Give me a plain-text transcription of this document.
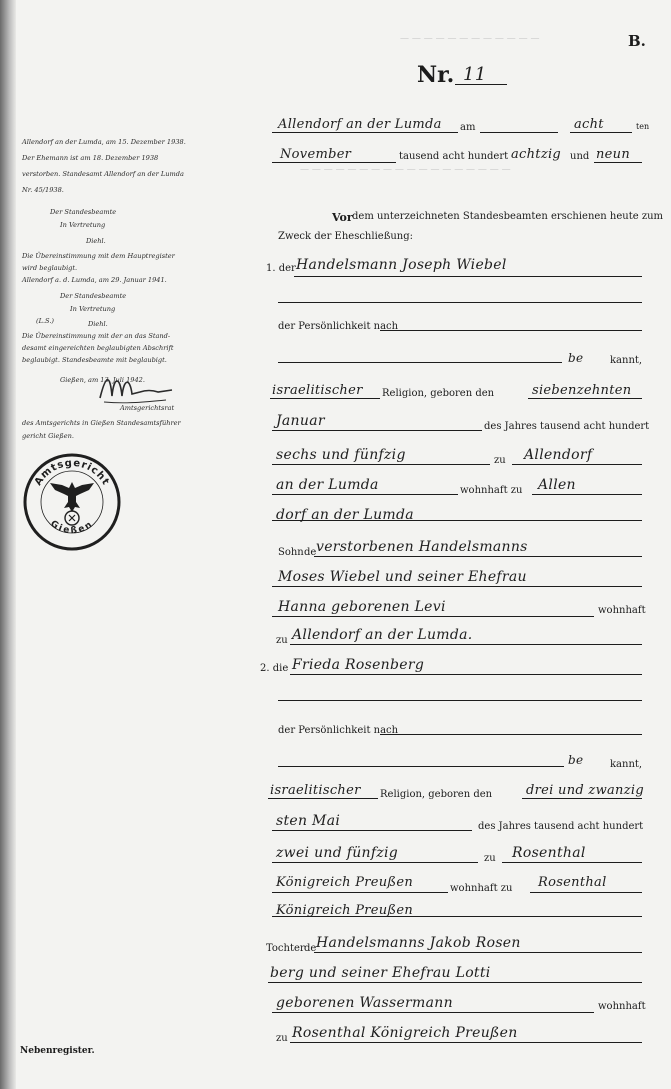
— — — — — — — — — — — —
— — — — — — — — — — — — — — — — — —
B.
Nr. 11
Allendorf an der Lumda am	acht	ten
November	tausend acht hundert achtzig und neun
Vor dem unterzeichneten Standesbeamten erschienen heute zum
Zweck der Eheschließung:
1. der Handelsmann Joseph Wiebel
der Persönlichkeit nach
be	kannt,
israelitischer Religion, geboren den	siebenzehnten
Januar	des Jahres tausend acht hundert
sechs und fünfzig	zu Allendorf
an der Lumda	wohnhaft zu Allen
dorf an der Lumda
Sohn de verstorbenen Handelsmanns
Moses Wiebel und seiner Ehefrau
Hanna geborenen Levi	wohnhaft
zu Allendorf an der Lumda.
2. die Frieda Rosenberg
der Persönlichkeit nach
be	kannt,
israelitischer Religion, geboren den	drei und zwanzig
sten Mai	des Jahres tausend acht hundert
zwei und fünfzig	zu Rosenthal
Königreich Preußen	wohnhaft zu Rosenthal
Königreich Preußen
Tochter de Handelsmanns Jakob Rosen
berg und seiner Ehefrau Lotti
geborenen Wassermann	wohnhaft
zu Rosenthal Königreich Preußen
Allendorf an der Lumda, am 15. Dezember 1938.
Der Ehemann ist am 18. Dezember 1938
verstorben. Standesamt Allendorf an der Lumda
Nr. 45/1938.
Der Standesbeamte
In Vertretung
Diehl.
Die Übereinstimmung mit dem Hauptregister
wird beglaubigt.
Allendorf a. d. Lumda, am 29. Januar 1941.
Der Standesbeamte
In Vertretung
Diehl.
(L.S.)
Die Übereinstimmung mit der an das Stand-
desamt eingereichten beglaubigten Abschrift
beglaubigt. Standesbeamte mit beglaubigt.
Gießen, am 13. Juli 1942.
Amtsgerichtsrat
des Amtsgerichts in Gießen Standesamtsführer
gericht Gießen.
Amtsgericht
Gießen
Nebenregister.
